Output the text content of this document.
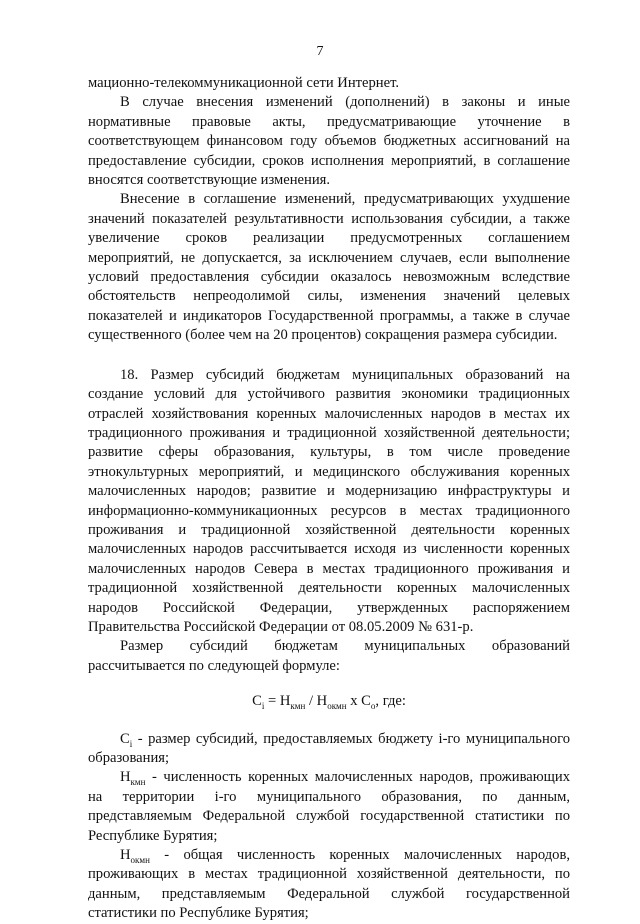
7

мационно-телекоммуникационной сети Интернет.

В случае внесения изменений (дополнений) в законы и иные нормативные правовые акты, предусматривающие уточнение в соответствующем финансовом году объемов бюджетных ассигнований на предоставление субсидии, сроков исполнения мероприятий, в соглашение вносятся соответствующие изменения.

Внесение в соглашение изменений, предусматривающих ухудшение значений показателей результативности использования субсидии, а также увеличение сроков реализации предусмотренных соглашением мероприятий, не допускается, за исключением случаев, если выполнение условий предоставления субсидии оказалось невозможным вследствие обстоятельств непреодолимой силы, изменения значений целевых показателей и индикаторов Государственной программы, а также в случае существенного (более чем на 20 процентов) сокращения размера субсидии.

18. Размер субсидий бюджетам муниципальных образований на создание условий для устойчивого развития экономики традиционных отраслей хозяйствования коренных малочисленных народов в местах их традиционного проживания и традиционной хозяйственной деятельности; развитие сферы образования, культуры, в том числе проведение этнокультурных мероприятий, и медицинского обслуживания коренных малочисленных народов; развитие и модернизацию инфраструктуры и информационно-коммуникационных ресурсов в местах традиционного проживания и традиционной хозяйственной деятельности коренных малочисленных народов рассчитывается исходя из численности коренных малочисленных народов Севера в местах традиционного проживания и традиционной хозяйственной деятельности коренных малочисленных народов Российской Федерации, утвержденных распоряжением Правительства Российской Федерации от 08.05.2009 № 631-р.

Размер субсидий бюджетам муниципальных образований рассчитывается по следующей формуле:

$C_i = H_{кмн} / H_{окмн}$ x $C_o$, где:

$C_i$ - размер субсидий, предоставляемых бюджету i-го муниципального образования;

$H_{кмн}$ - численность коренных малочисленных народов, проживающих на территории i-го муниципального образования, по данным, представляемым Федеральной службой государственной статистики по Республике Бурятия;

$H_{окмн}$ - общая численность коренных малочисленных народов, проживающих в местах традиционной хозяйственной деятельности, по данным, представляемым Федеральной службой государственной статистики по Республике Бурятия;
